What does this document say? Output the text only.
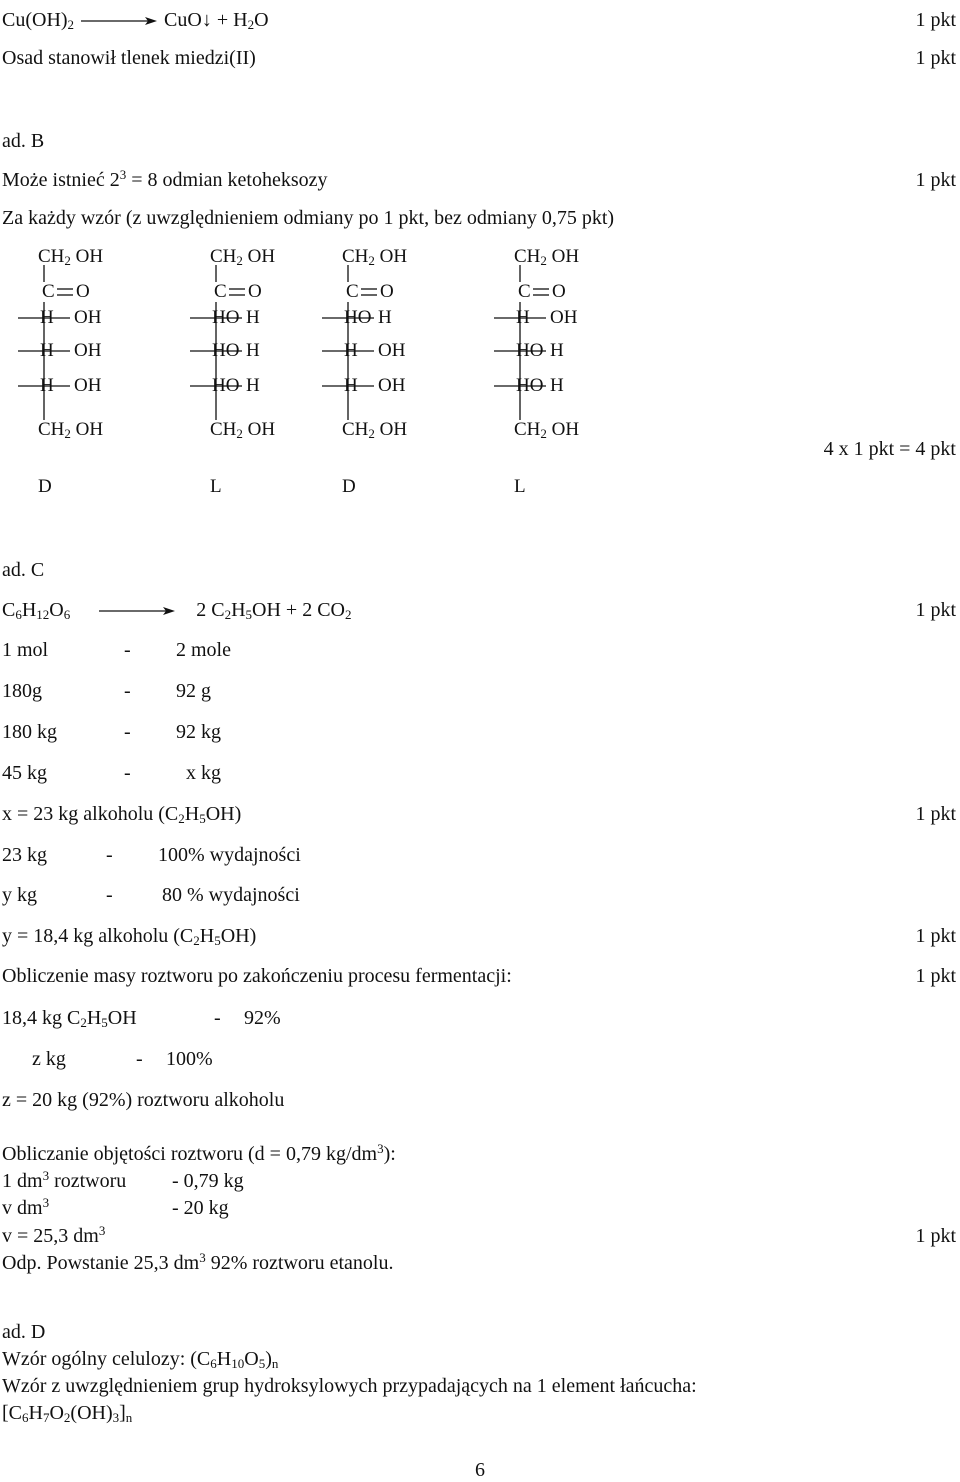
$Cu(OH)_2$ → CuO↓ + $H_2O$	1 pkt
Osad stanowił tlenek miedzi(II)	1 pkt
ad. B
Może istnieć $2^3 = 8$ odmian ketoheksozy	1 pkt
Za każdy wzór (z uwzględnieniem odmiany po 1 pkt, bez odmiany 0,75 pkt)
$CH_2$ OH
C O
H OH
H OH
H OH
$CH_2$ OH
D
$CH_2$ OH
C O
HO H
HO H
HO H
$CH_2$ OH
L
$CH_2$ OH
C O
HO H
H OH
H OH
$CH_2$ OH
D
$CH_2$ OH
C O
H OH
HO H
HO H
$CH_2$ OH
L
4 x 1 pkt = 4 pkt
ad. C
$C_6H_{12}O_6 \to 2$ $C_2H_5OH + 2$ $CO_2$	1 pkt
1 mol	- 2 mole
180g	- 92 g
180 kg	- 92 kg
45 kg	-	x kg
x = 23 kg alkoholu $(C_2H_5OH)$	1 pkt
23 kg	- 100% wydajności
y kg	- 80 % wydajności
y = 18,4 kg alkoholu $(C_2H_5OH)$	1 pkt
Obliczenie masy roztworu po zakończeniu procesu fermentacji:	1 pkt
18,4 kg $C_2H_5OH$	- 92%
z kg	- 100%
z = 20 kg (92%) roztworu alkoholu
Obliczanie objętości roztworu (d = 0,79 $kg/dm^3$):
1 $dm^3$ roztworu - 0,79 kg
v $dm^3$	- 20 kg
v = 25,3 $dm^3$	1 pkt
Odp. Powstanie 25,3 $dm^3$ 92% roztworu etanolu.
ad. D
Wzór ogólny celulozy: $(C_6H_{10}O_5)_n$
Wzór z uwzględnieniem grup hydroksylowych przypadających na 1 element łańcucha:
$[C_6H_7O_2(OH)_3]_n$
6
